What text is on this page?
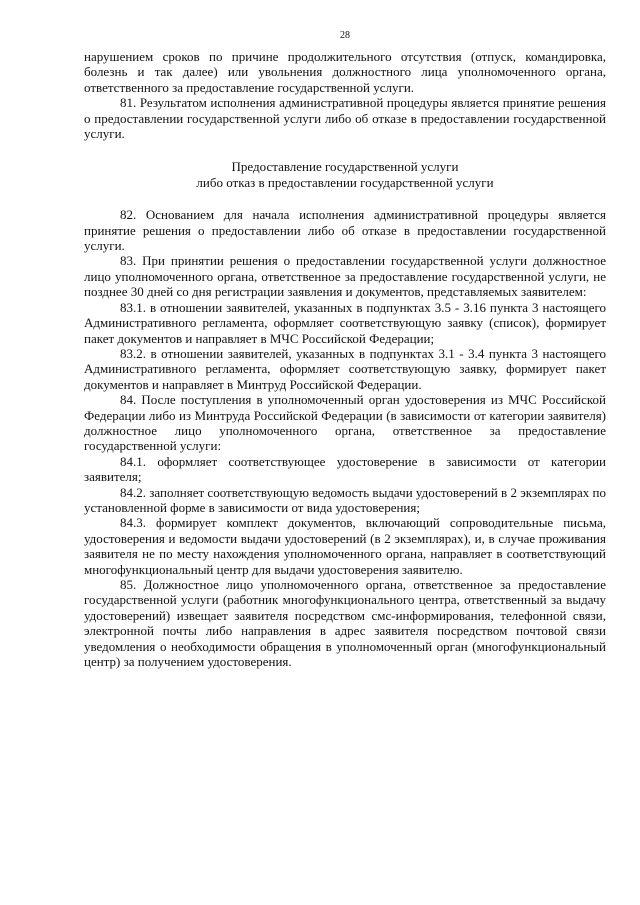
28

нарушением сроков по причине продолжительного отсутствия (отпуск, командировка, болезнь и так далее) или увольнения должностного лица уполномоченного органа, ответственного за предоставление государственной услуги.

81. Результатом исполнения административной процедуры является принятие решения о предоставлении государственной услуги либо об отказе в предоставлении государственной услуги.

Предоставление государственной услуги

либо отказ в предоставлении государственной услуги

82. Основанием для начала исполнения административной процедуры является принятие решения о предоставлении либо об отказе в предоставлении государственной услуги.

83. При принятии решения о предоставлении государственной услуги должностное лицо уполномоченного органа, ответственное за предоставление государственной услуги, не позднее 30 дней со дня регистрации заявления и документов, представляемых заявителем:

83.1. в отношении заявителей, указанных в подпунктах 3.5 - 3.16 пункта 3 настоящего Административного регламента, оформляет соответствующую заявку (список), формирует пакет документов и направляет в МЧС Российской Федерации;

83.2. в отношении заявителей, указанных в подпунктах 3.1 - 3.4 пункта 3 настоящего Административного регламента, оформляет соответствующую заявку, формирует пакет документов и направляет в Минтруд Российской Федерации.

84. После поступления в уполномоченный орган удостоверения из МЧС Российской Федерации либо из Минтруда Российской Федерации (в зависимости от категории заявителя) должностное лицо уполномоченного органа, ответственное за предоставление государственной услуги:

84.1. оформляет соответствующее удостоверение в зависимости от категории заявителя;

84.2. заполняет соответствующую ведомость выдачи удостоверений в 2 экземплярах по установленной форме в зависимости от вида удостоверения;

84.3. формирует комплект документов, включающий сопроводительные письма, удостоверения и ведомости выдачи удостоверений (в 2 экземплярах), и, в случае проживания заявителя не по месту нахождения уполномоченного органа, направляет в соответствующий многофункциональный центр для выдачи удостоверения заявителю.

85. Должностное лицо уполномоченного органа, ответственное за предоставление государственной услуги (работник многофункционального центра, ответственный за выдачу удостоверений) извещает заявителя посредством смс-информирования, телефонной связи, электронной почты либо направления в адрес заявителя посредством почтовой связи уведомления о необходимости обращения в уполномоченный орган (многофункциональный центр) за получением удостоверения.
